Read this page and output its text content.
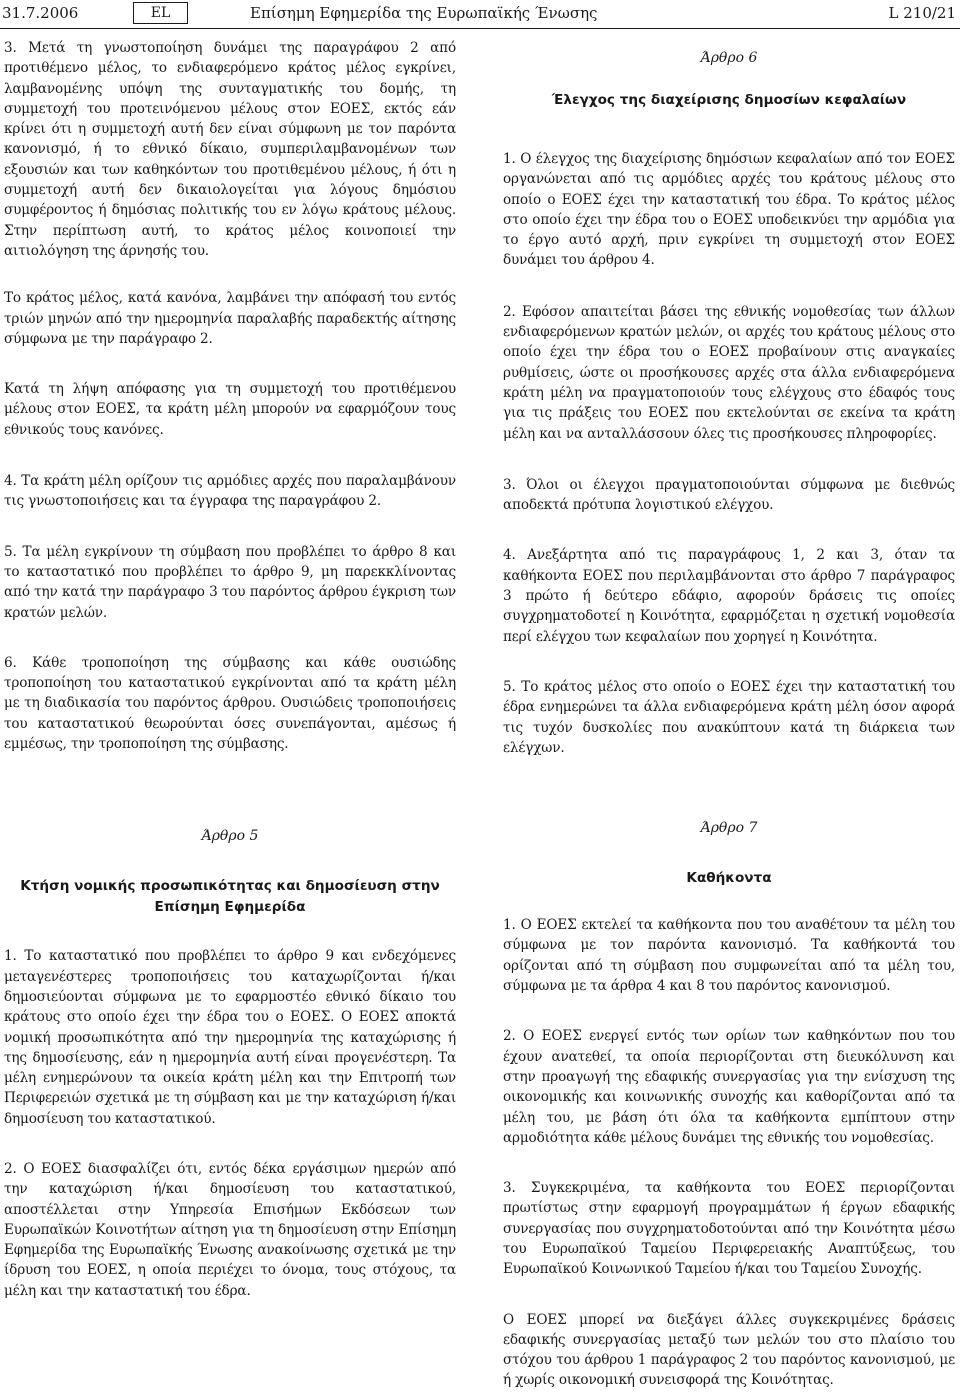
31.7.2006	EL	Επίσημη Εφημερίδα της Ευρωπαϊκής Ένωσης	L 210/21

3. Μετά τη γνωστοποίηση δυνάμει της παραγράφου 2 από προτιθέμενο μέλος, το ενδιαφερόμενο κράτος μέλος εγκρίνει, λαμβανομένης υπόψη της συνταγματικής του δομής, τη συμμετοχή του προτεινόμενου μέλους στον ΕΟΕΣ, εκτός εάν κρίνει ότι η συμμετοχή αυτή δεν είναι σύμφωνη με τον παρόντα κανονισμό, ή το εθνικό δίκαιο, συμπεριλαμβανομένων των εξουσιών και των καθηκόντων του προτιθεμένου μέλους, ή ότι η συμμετοχή αυτή δεν δικαιολογείται για λόγους δημόσιου συμφέροντος ή δημόσιας πολιτικής του εν λόγω κράτους μέλους. Στην περίπτωση αυτή, το κράτος μέλος κοινοποιεί την αιτιολόγηση της άρνησής του.

Το κράτος μέλος, κατά κανόνα, λαμβάνει την απόφασή του εντός τριών μηνών από την ημερομηνία παραλαβής παραδεκτής αίτησης σύμφωνα με την παράγραφο 2.

Κατά τη λήψη απόφασης για τη συμμετοχή του προτιθέμενου μέλους στον ΕΟΕΣ, τα κράτη μέλη μπορούν να εφαρμόζουν τους εθνικούς τους κανόνες.

4. Τα κράτη μέλη ορίζουν τις αρμόδιες αρχές που παραλαμβάνουν τις γνωστοποιήσεις και τα έγγραφα της παραγράφου 2.

5. Τα μέλη εγκρίνουν τη σύμβαση που προβλέπει το άρθρο 8 και το καταστατικό που προβλέπει το άρθρο 9, μη παρεκκλίνοντας από την κατά την παράγραφο 3 του παρόντος άρθρου έγκριση των κρατών μελών.

6. Κάθε τροποποίηση της σύμβασης και κάθε ουσιώδης τροποποίηση του καταστατικού εγκρίνονται από τα κράτη μέλη με τη διαδικασία του παρόντος άρθρου. Ουσιώδεις τροποποιήσεις του καταστατικού θεωρούνται όσες συνεπάγονται, αμέσως ή εμμέσως, την τροποποίηση της σύμβασης.

Άρθρο 5

Κτήση νομικής προσωπικότητας και δημοσίευση στην Επίσημη Εφημερίδα

1. Το καταστατικό που προβλέπει το άρθρο 9 και ενδεχόμενες μεταγενέστερες τροποποιήσεις του καταχωρίζονται ή/και δημοσιεύονται σύμφωνα με το εφαρμοστέο εθνικό δίκαιο του κράτους στο οποίο έχει την έδρα του ο ΕΟΕΣ. Ο ΕΟΕΣ αποκτά νομική προσωπικότητα από την ημερομηνία της καταχώρισης ή της δημοσίευσης, εάν η ημερομηνία αυτή είναι προγενέστερη. Τα μέλη ενημερώνουν τα οικεία κράτη μέλη και την Επιτροπή των Περιφερειών σχετικά με τη σύμβαση και με την καταχώριση ή/και δημοσίευση του καταστατικού.

2. Ο ΕΟΕΣ διασφαλίζει ότι, εντός δέκα εργάσιμων ημερών από την καταχώριση ή/και δημοσίευση του καταστατικού, αποστέλλεται στην Υπηρεσία Επισήμων Εκδόσεων των Ευρωπαϊκών Κοινοτήτων αίτηση για τη δημοσίευση στην Επίσημη Εφημερίδα της Ευρωπαϊκής Ένωσης ανακοίνωσης σχετικά με την ίδρυση του ΕΟΕΣ, η οποία περιέχει το όνομα, τους στόχους, τα μέλη και την καταστατική του έδρα.

Άρθρο 6

Έλεγχος της διαχείρισης δημοσίων κεφαλαίων

1. Ο έλεγχος της διαχείρισης δημόσιων κεφαλαίων από τον ΕΟΕΣ οργανώνεται από τις αρμόδιες αρχές του κράτους μέλους στο οποίο ο ΕΟΕΣ έχει την καταστατική του έδρα. Το κράτος μέλος στο οποίο έχει την έδρα του ο ΕΟΕΣ υποδεικνύει την αρμόδια για το έργο αυτό αρχή, πριν εγκρίνει τη συμμετοχή στον ΕΟΕΣ δυνάμει του άρθρου 4.

2. Εφόσον απαιτείται βάσει της εθνικής νομοθεσίας των άλλων ενδιαφερόμενων κρατών μελών, οι αρχές του κράτους μέλους στο οποίο έχει την έδρα του ο ΕΟΕΣ προβαίνουν στις αναγκαίες ρυθμίσεις, ώστε οι προσήκουσες αρχές στα άλλα ενδιαφερόμενα κράτη μέλη να πραγματοποιούν τους ελέγχους στο έδαφός τους για τις πράξεις του ΕΟΕΣ που εκτελούνται σε εκείνα τα κράτη μέλη και να ανταλλάσσουν όλες τις προσήκουσες πληροφορίες.

3. Όλοι οι έλεγχοι πραγματοποιούνται σύμφωνα με διεθνώς αποδεκτά πρότυπα λογιστικού ελέγχου.

4. Ανεξάρτητα από τις παραγράφους 1, 2 και 3, όταν τα καθήκοντα ΕΟΕΣ που περιλαμβάνονται στο άρθρο 7 παράγραφος 3 πρώτο ή δεύτερο εδάφιο, αφορούν δράσεις τις οποίες συγχρηματοδοτεί η Κοινότητα, εφαρμόζεται η σχετική νομοθεσία περί ελέγχου των κεφαλαίων που χορηγεί η Κοινότητα.

5. Το κράτος μέλος στο οποίο ο ΕΟΕΣ έχει την καταστατική του έδρα ενημερώνει τα άλλα ενδιαφερόμενα κράτη μέλη όσον αφορά τις τυχόν δυσκολίες που ανακύπτουν κατά τη διάρκεια των ελέγχων.

Άρθρο 7

Καθήκοντα

1. Ο ΕΟΕΣ εκτελεί τα καθήκοντα που του αναθέτουν τα μέλη του σύμφωνα με τον παρόντα κανονισμό. Τα καθήκοντά του ορίζονται από τη σύμβαση που συμφωνείται από τα μέλη του, σύμφωνα με τα άρθρα 4 και 8 του παρόντος κανονισμού.

2. Ο ΕΟΕΣ ενεργεί εντός των ορίων των καθηκόντων που του έχουν ανατεθεί, τα οποία περιορίζονται στη διευκόλυνση και στην προαγωγή της εδαφικής συνεργασίας για την ενίσχυση της οικονομικής και κοινωνικής συνοχής και καθορίζονται από τα μέλη του, με βάση ότι όλα τα καθήκοντα εμπίπτουν στην αρμοδιότητα κάθε μέλους δυνάμει της εθνικής του νομοθεσίας.

3. Συγκεκριμένα, τα καθήκοντα του ΕΟΕΣ περιορίζονται πρωτίστως στην εφαρμογή προγραμμάτων ή έργων εδαφικής συνεργασίας που συγχρηματοδοτούνται από την Κοινότητα μέσω του Ευρωπαϊκού Ταμείου Περιφερειακής Αναπτύξεως, του Ευρωπαϊκού Κοινωνικού Ταμείου ή/και του Ταμείου Συνοχής.

Ο ΕΟΕΣ μπορεί να διεξάγει άλλες συγκεκριμένες δράσεις εδαφικής συνεργασίας μεταξύ των μελών του στο πλαίσιο του στόχου του άρθρου 1 παράγραφος 2 του παρόντος κανονισμού, με ή χωρίς οικονομική συνεισφορά της Κοινότητας.
